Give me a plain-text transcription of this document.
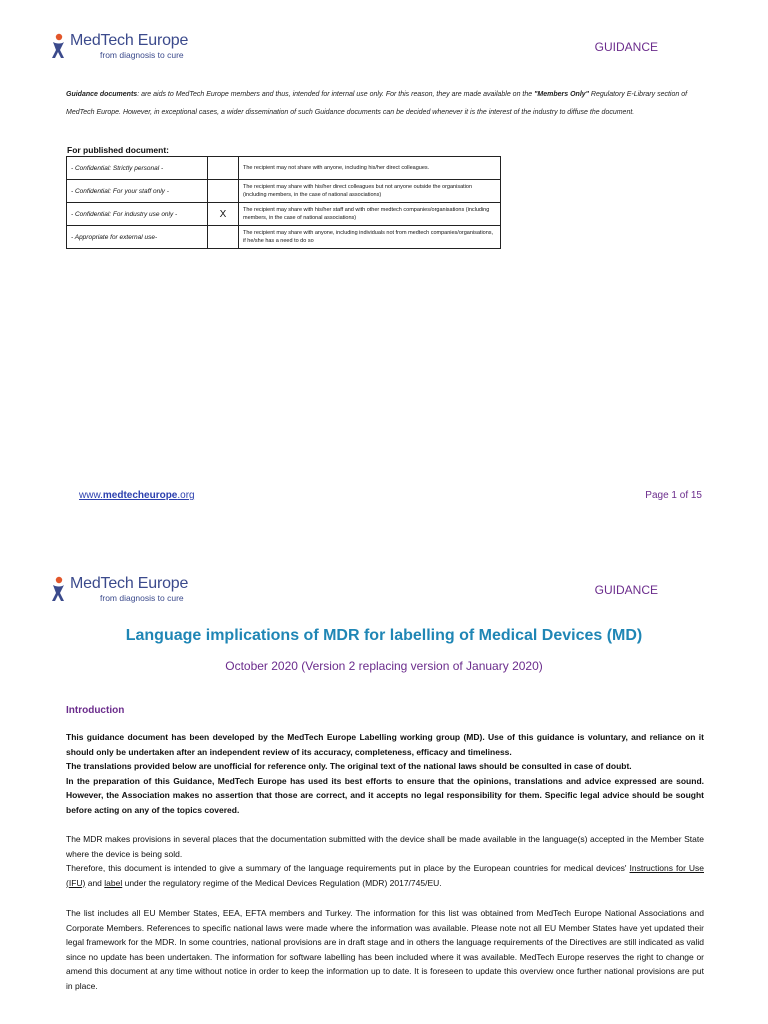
MedTech Europe
from diagnosis to cure
GUIDANCE
Guidance documents: are aids to MedTech Europe members and thus, intended for internal use only. For this reason, they are made available on the "Members Only" Regulatory E-Library section of MedTech Europe. However, in exceptional cases, a wider dissemination of such Guidance documents can be decided whenever it is the interest of the industry to diffuse the document.
For published document:
- Confidential: Strictly personal -		The recipient may not share with anyone, including his/her direct colleagues.
- Confidential: For your staff only -		The recipient may share with his/her direct colleagues but not anyone outside the organisation (including members, in the case of national associations)
- Confidential: For industry use only -	X	The recipient may share with his/her staff and with other medtech companies/organisations (including members, in the case of national associations)
- Appropriate for external use-		The recipient may share with anyone, including individuals not from medtech companies/organisations, if he/she has a need to do so
www.medtecheurope.org	Page 1 of 15
MedTech Europe
from diagnosis to cure
GUIDANCE
Language implications of MDR for labelling of Medical Devices (MD)
October 2020 (Version 2 replacing version of January 2020)
Introduction
This guidance document has been developed by the MedTech Europe Labelling working group (MD). Use of this guidance is voluntary, and reliance on it should only be undertaken after an independent review of its accuracy, completeness, efficacy and timeliness.
The translations provided below are unofficial for reference only. The original text of the national laws should be consulted in case of doubt.
In the preparation of this Guidance, MedTech Europe has used its best efforts to ensure that the opinions, translations and advice expressed are sound. However, the Association makes no assertion that those are correct, and it accepts no legal responsibility for them. Specific legal advice should be sought before acting on any of the topics covered.
The MDR makes provisions in several places that the documentation submitted with the device shall be made available in the language(s) accepted in the Member State where the device is being sold.
Therefore, this document is intended to give a summary of the language requirements put in place by the European countries for medical devices' Instructions for Use (IFU) and label under the regulatory regime of the Medical Devices Regulation (MDR) 2017/745/EU.
The list includes all EU Member States, EEA, EFTA members and Turkey. The information for this list was obtained from MedTech Europe National Associations and Corporate Members. References to specific national laws were made where the information was available. Please note not all EU Member States have yet updated their legal framework for the MDR. In some countries, national provisions are in draft stage and in others the language requirements of the Directives are still indicated as valid since no update has been undertaken. The information for software labelling has been included where it was available. MedTech Europe reserves the right to change or amend this document at any time without notice in order to keep the information up to date. It is foreseen to update this overview once further national provisions are put in place.
